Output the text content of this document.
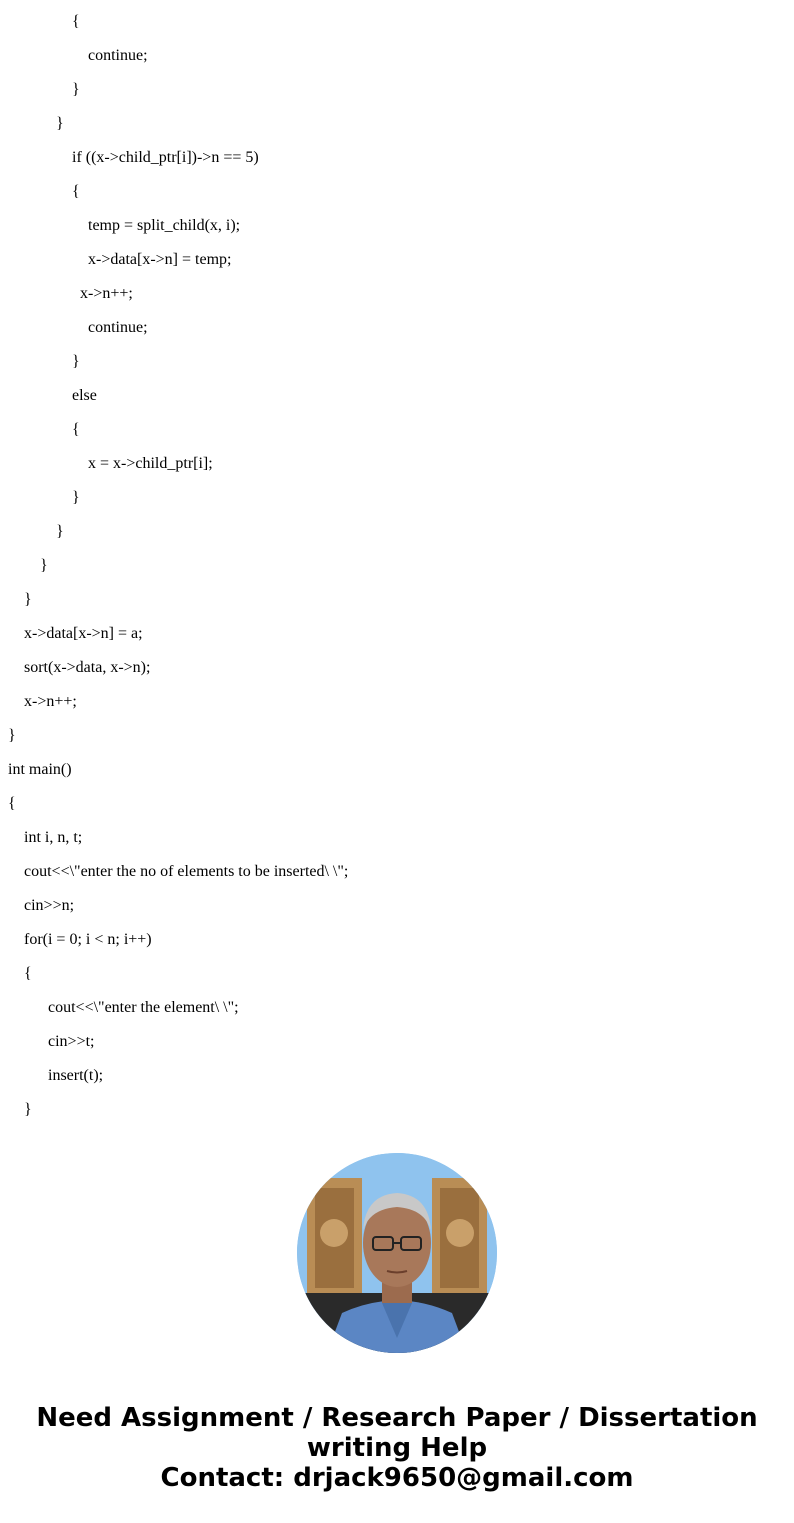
{
continue;
}
}
if ((x->child_ptr[i])->n == 5)
{
temp = split_child(x, i);
x->data[x->n] = temp;
x->n++;
continue;
}
else
{
x = x->child_ptr[i];
}
}
}
}
x->data[x->n] = a;
sort(x->data, x->n);
x->n++;
}
int main()
{
int i, n, t;
cout<<\"enter the no of elements to be inserted\ \";
cin>>n;
for(i = 0; i < n; i++)
{
cout<<\"enter the element\ \";
cin>>t;
insert(t);
}
Need Assignment / Research Paper / Dissertation
writing Help
Contact: drjack9650@gmail.com
